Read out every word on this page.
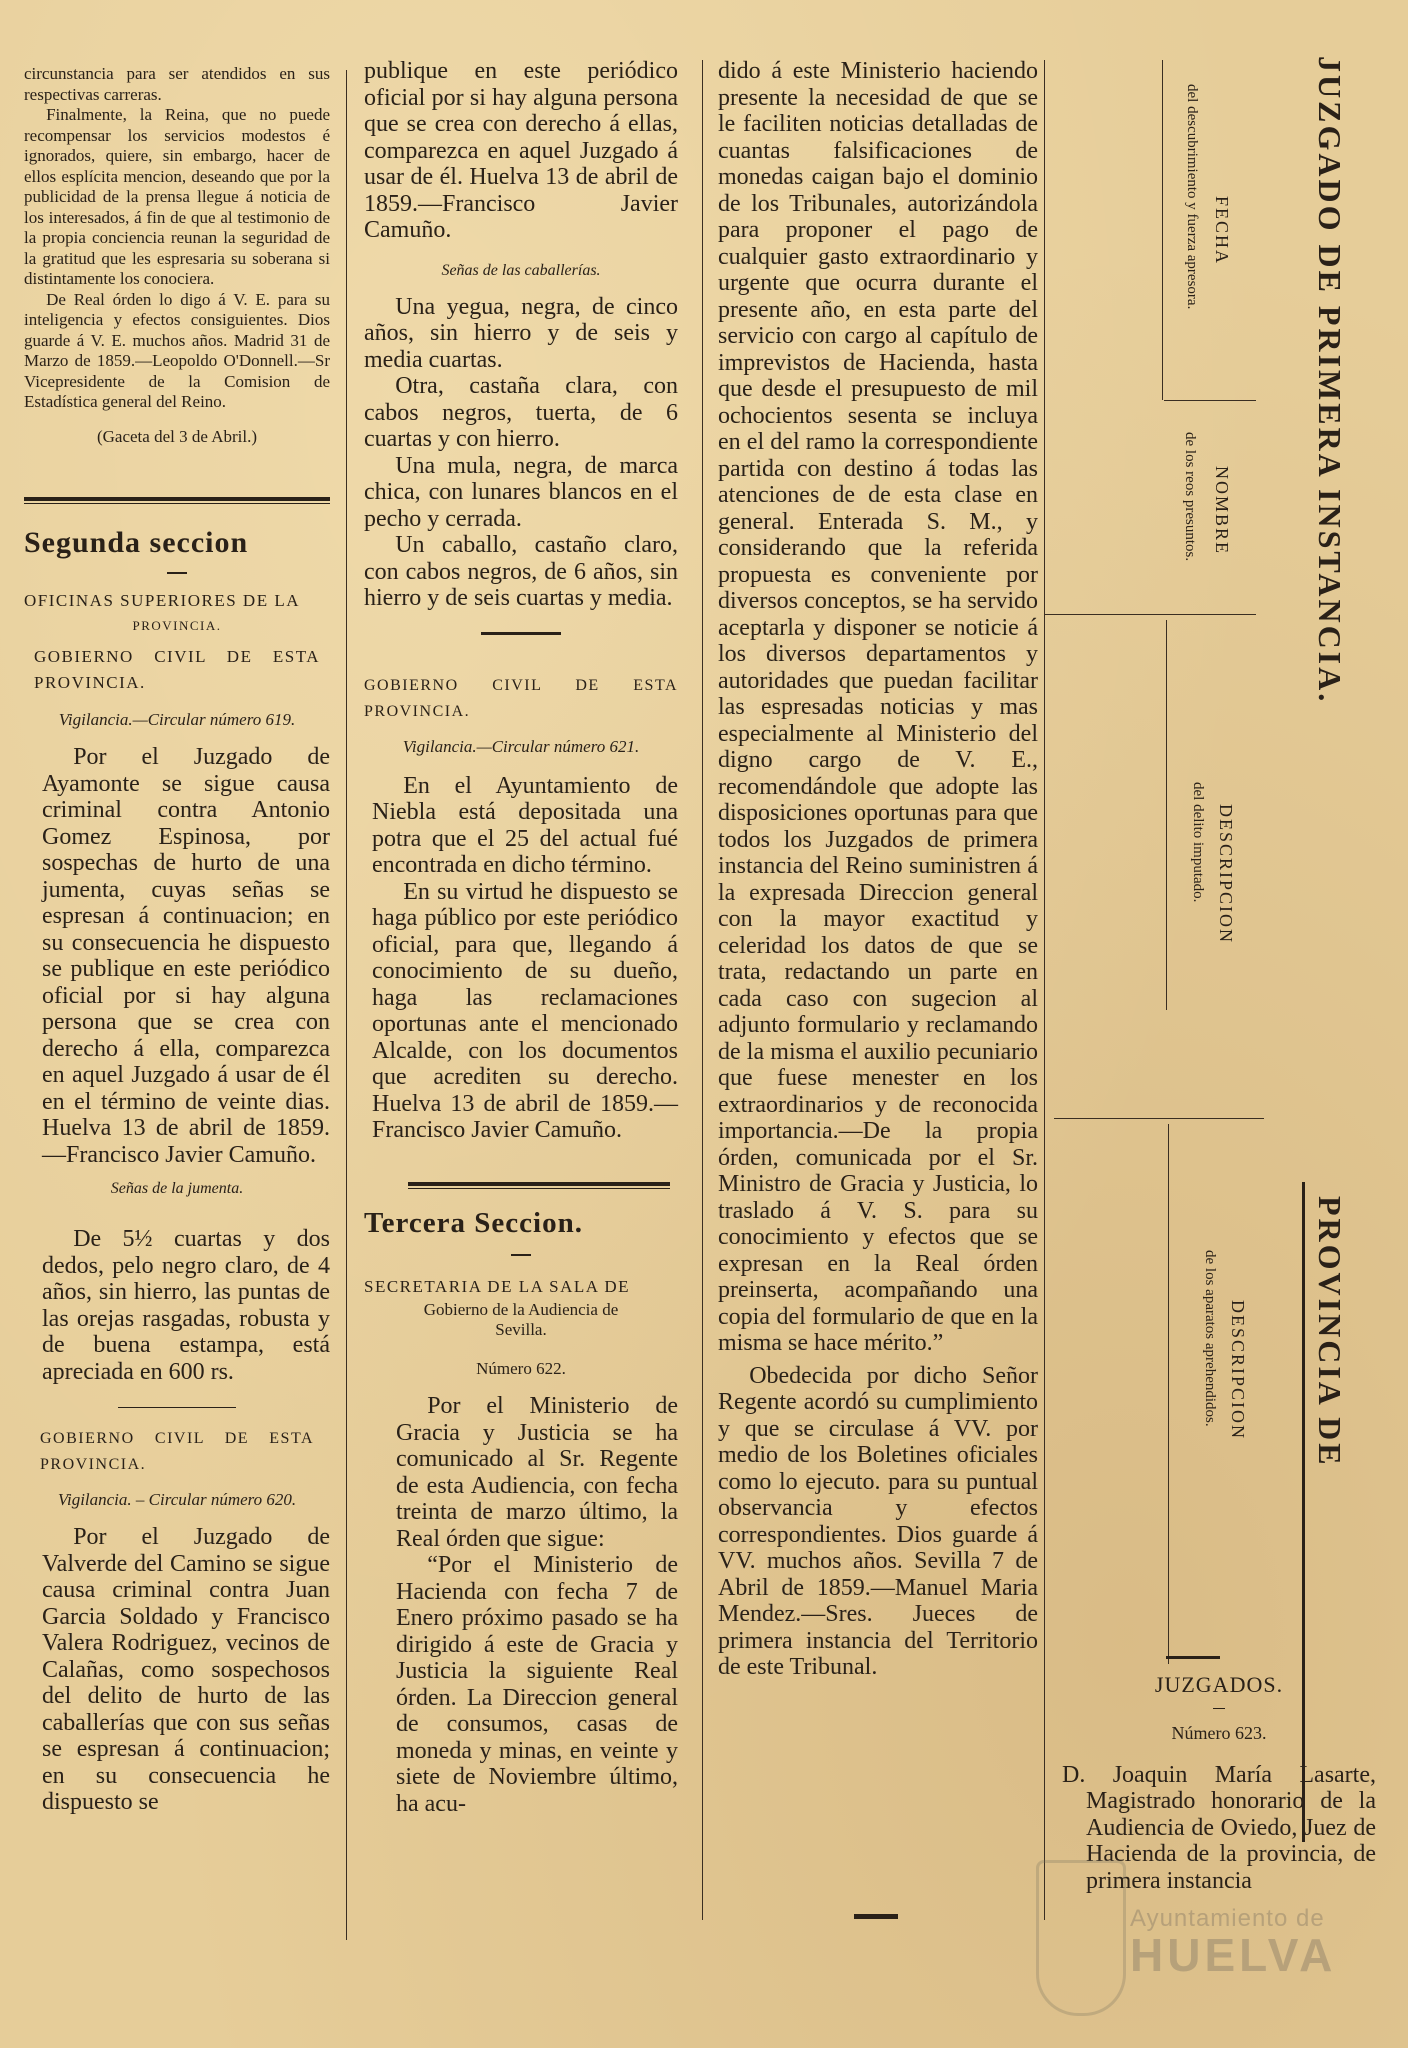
circunstancia para ser atendidos en sus respectivas carreras.

Finalmente, la Reina, que no puede recompensar los servicios modestos é ignorados, quiere, sin embargo, hacer de ellos esplícita mencion, deseando que por la publicidad de la prensa llegue á noticia de los interesados, á fin de que al testimonio de la propia conciencia reunan la seguridad de la gratitud que les espresaria su soberana si distintamente los conociera.

De Real órden lo digo á V. E. para su inteligencia y efectos consiguientes. Dios guarde á V. E. muchos años. Madrid 31 de Marzo de 1859.—Leopoldo O'Donnell.—Sr Vicepresidente de la Comision de Estadística general del Reino.

(Gaceta del 3 de Abril.)

Segunda seccion

OFICINAS SUPERIORES DE LA

PROVINCIA.

GOBIERNO CIVIL DE ESTA PROVINCIA.

Vigilancia.—Circular número 619.

Por el Juzgado de Ayamonte se sigue causa criminal contra Antonio Gomez Espinosa, por sospechas de hurto de una jumenta, cuyas señas se espresan á continuacion; en su consecuencia he dispuesto se publique en este periódico oficial por si hay alguna persona que se crea con derecho á ella, comparezca en aquel Juzgado á usar de él en el término de veinte dias. Huelva 13 de abril de 1859.—Francisco Javier Camuño.

Señas de la jumenta.

De 5½ cuartas y dos dedos, pelo negro claro, de 4 años, sin hierro, las puntas de las orejas rasgadas, robusta y de buena estampa, está apreciada en 600 rs.

GOBIERNO CIVIL DE ESTA PROVINCIA.

Vigilancia. – Circular número 620.

Por el Juzgado de Valverde del Camino se sigue causa criminal contra Juan Garcia Soldado y Francisco Valera Rodriguez, vecinos de Calañas, como sospechosos del delito de hurto de las caballerías que con sus señas se espresan á continuacion; en su consecuencia he dispuesto se

publique en este periódico oficial por si hay alguna persona que se crea con derecho á ellas, comparezca en aquel Juzgado á usar de él. Huelva 13 de abril de 1859.—Francisco Javier Camuño.

Señas de las caballerías.

Una yegua, negra, de cinco años, sin hierro y de seis y media cuartas.

Otra, castaña clara, con cabos negros, tuerta, de 6 cuartas y con hierro.

Una mula, negra, de marca chica, con lunares blancos en el pecho y cerrada.

Un caballo, castaño claro, con cabos negros, de 6 años, sin hierro y de seis cuartas y media.

GOBIERNO CIVIL DE ESTA PROVINCIA.

Vigilancia.—Circular número 621.

En el Ayuntamiento de Niebla está depositada una potra que el 25 del actual fué encontrada en dicho término.

En su virtud he dispuesto se haga público por este periódico oficial, para que, llegando á conocimiento de su dueño, haga las reclamaciones oportunas ante el mencionado Alcalde, con los documentos que acrediten su derecho. Huelva 13 de abril de 1859.—Francisco Javier Camuño.

Tercera Seccion.

SECRETARIA DE LA SALA DE

Gobierno de la Audiencia de Sevilla.

Número 622.

Por el Ministerio de Gracia y Justicia se ha comunicado al Sr. Regente de esta Audiencia, con fecha treinta de marzo último, la Real órden que sigue:

“Por el Ministerio de Hacienda con fecha 7 de Enero próximo pasado se ha dirigido á este de Gracia y Justicia la siguiente Real órden. La Direccion general de consumos, casas de moneda y minas, en veinte y siete de Noviembre último, ha acu-

dido á este Ministerio haciendo presente la necesidad de que se le faciliten noticias detalladas de cuantas falsificaciones de monedas caigan bajo el dominio de los Tribunales, autorizándola para proponer el pago de cualquier gasto extraordinario y urgente que ocurra durante el presente año, en esta parte del servicio con cargo al capítulo de imprevistos de Hacienda, hasta que desde el presupuesto de mil ochocientos sesenta se incluya en el del ramo la correspondiente partida con destino á todas las atenciones de de esta clase en general. Enterada S. M., y considerando que la referida propuesta es conveniente por diversos conceptos, se ha servido aceptarla y disponer se noticie á los diversos departamentos y autoridades que puedan facilitar las espresadas noticias y mas especialmente al Ministerio del digno cargo de V. E., recomendándole que adopte las disposiciones oportunas para que todos los Juzgados de primera instancia del Reino suministren á la expresada Direccion general con la mayor exactitud y celeridad los datos de que se trata, redactando un parte en cada caso con sugecion al adjunto formulario y reclamando de la misma el auxilio pecuniario que fuese menester en los extraordinarios y de reconocida importancia.—De la propia órden, comunicada por el Sr. Ministro de Gracia y Justicia, lo traslado á V. S. para su conocimiento y efectos que se expresan en la Real órden preinserta, acompañando una copia del formulario de que en la misma se hace mérito.”

Obedecida por dicho Señor Regente acordó su cumplimiento y que se circulase á VV. por medio de los Boletines oficiales como lo ejecuto. para su puntual observancia y efectos correspondientes. Dios guarde á VV. muchos años. Sevilla 7 de Abril de 1859.—Manuel Maria Mendez.—Sres. Jueces de primera instancia del Territorio de este Tribunal.

JUZGADO DE PRIMERA INSTANCIA.
PROVINCIA DE
FECHA
del descubrimiento y fuerza apresora.
NOMBRE
de los reos presuntos.
DESCRIPCION
del delito imputado.
DESCRIPCION
de los aparatos aprehendidos.

JUZGADOS.

Número 623.

D. Joaquin María Lasarte, Magistrado honorario de la Audiencia de Oviedo, Juez de Hacienda de la provincia, de primera instancia

Ayuntamiento de
HUELVA
